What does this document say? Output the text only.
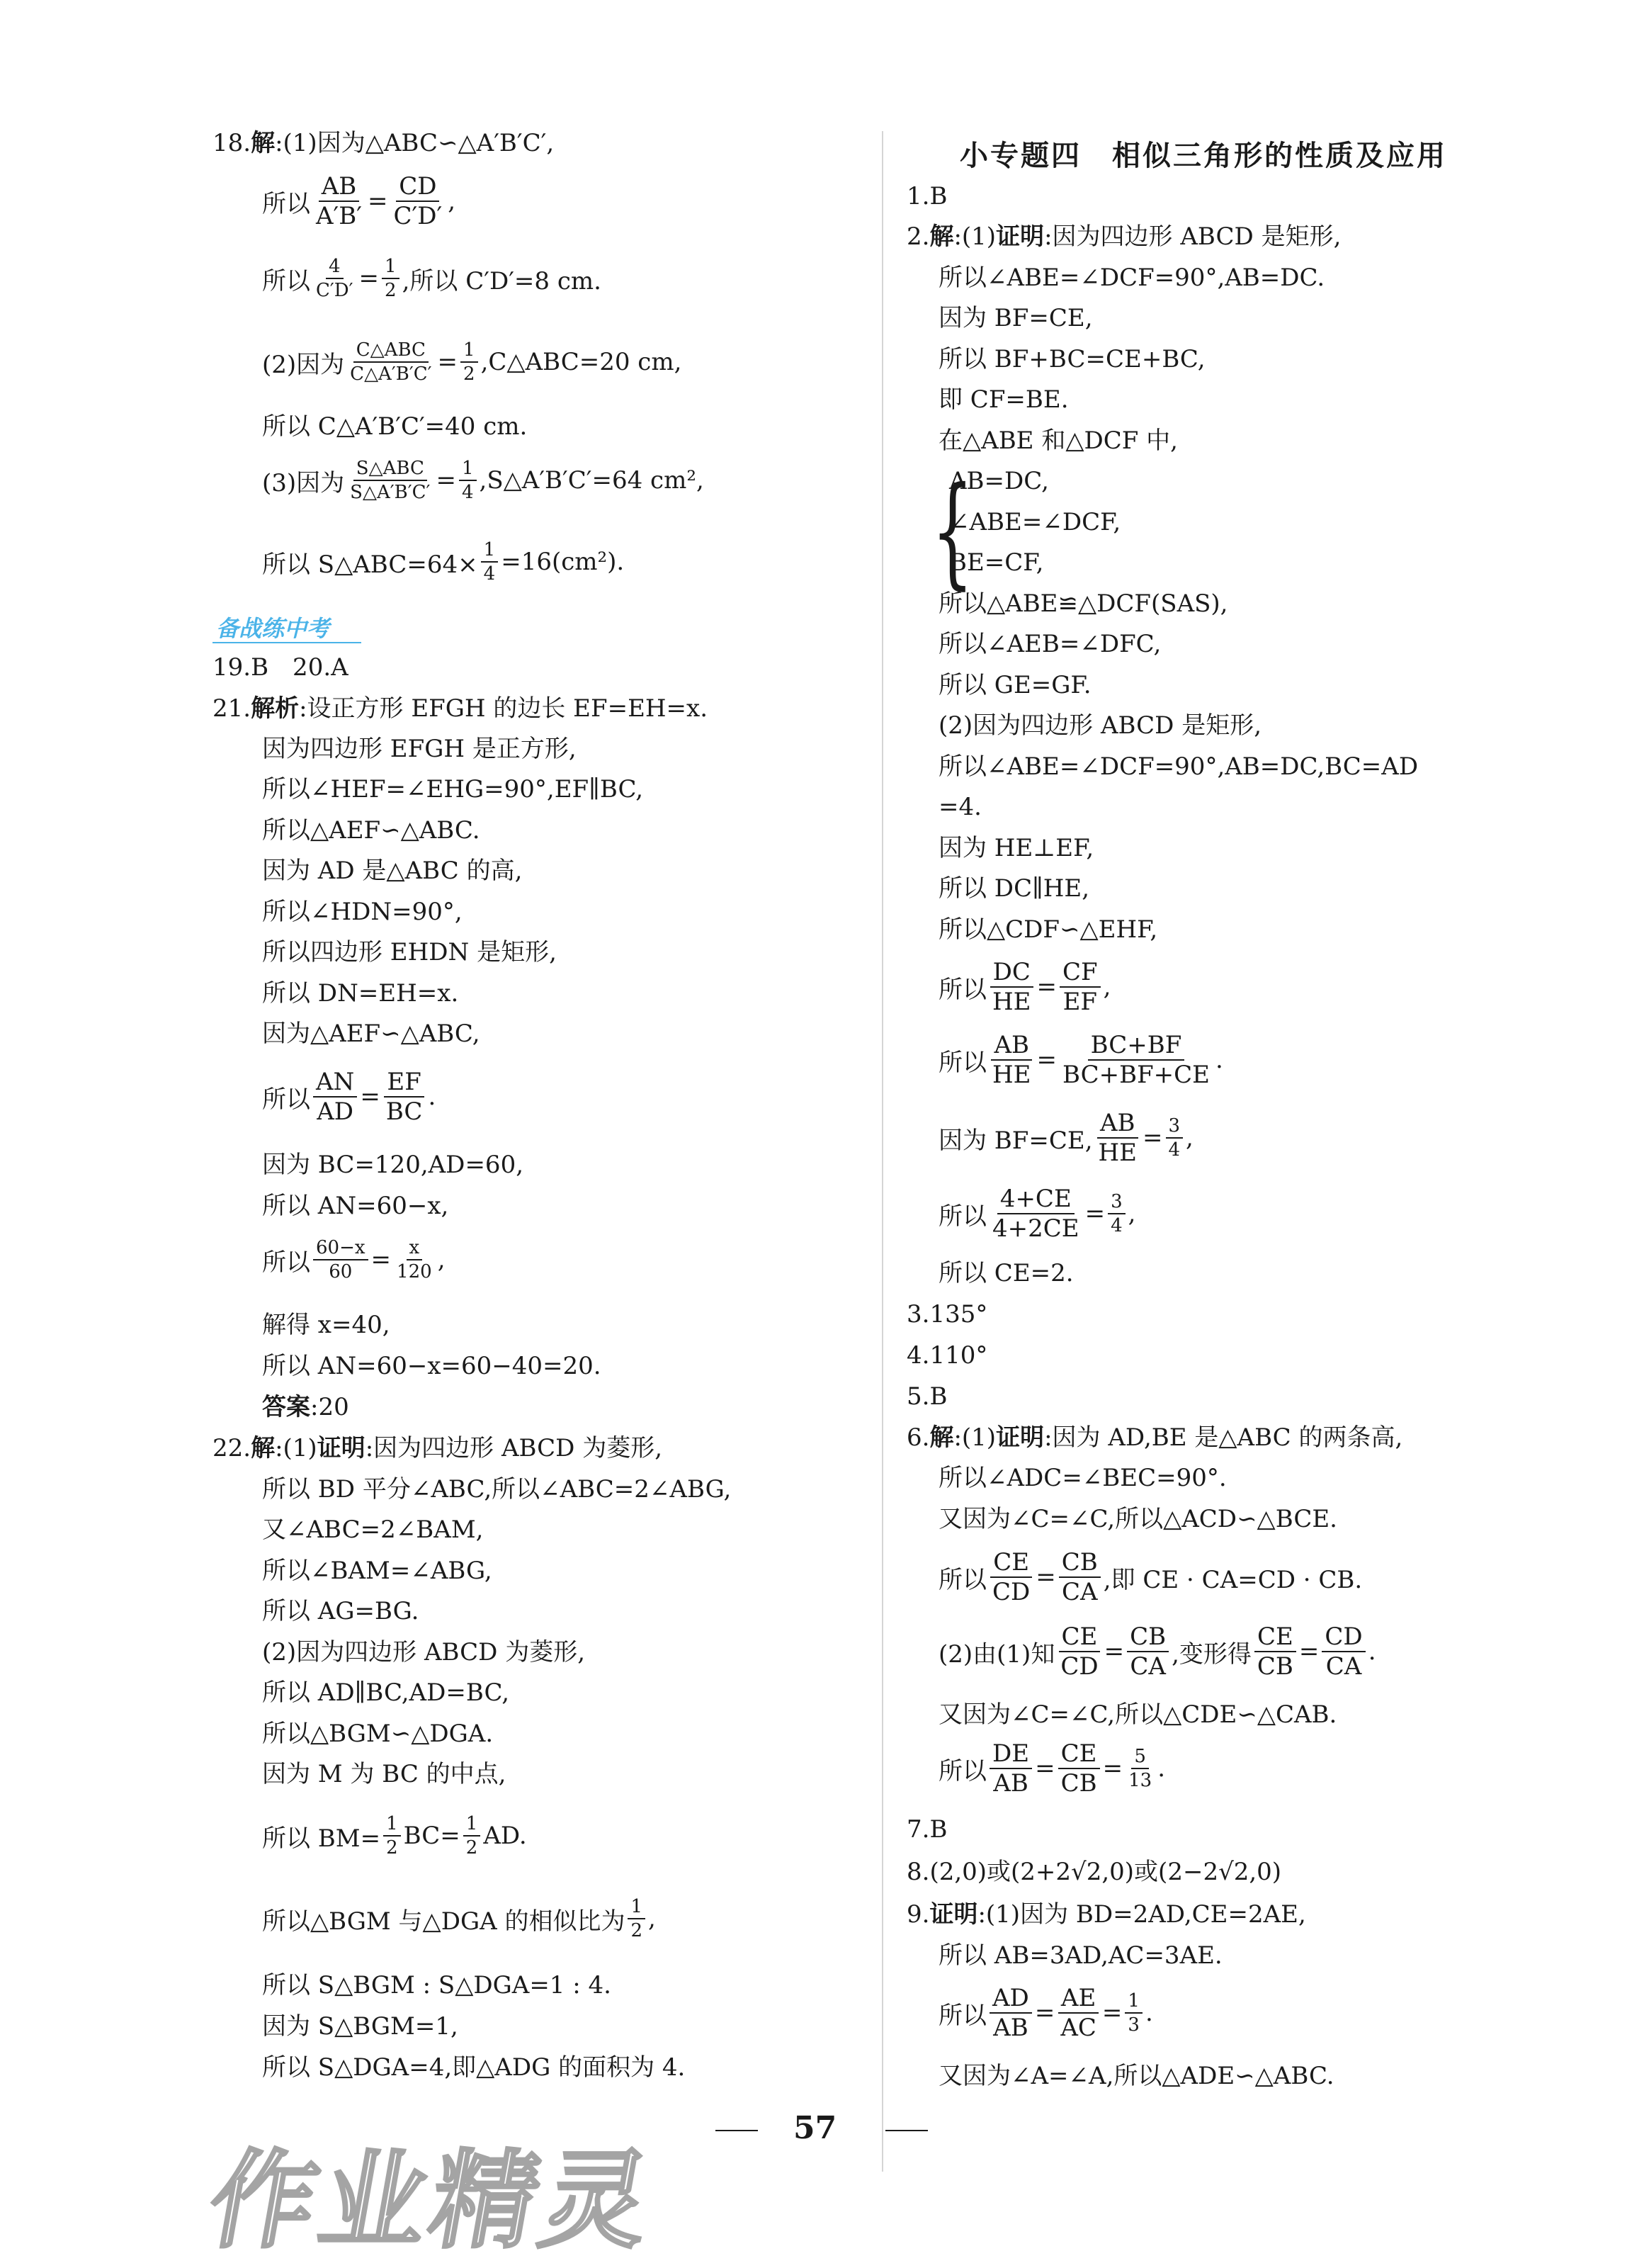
18.解:(1)因为△ABC∽△A′B′C′,
所以 $\frac{AB}{A'B'} = \frac{CD}{C'D'}$ ,
所以 $\frac{4}{C'D'} = \frac{1}{2}$ ,所以 C′D′=8 cm.
(2)因为 $\frac{\text{C△ABC}}{C\triangle A'B'C'} = \frac{1}{2}$ ,C△ABC=20 cm,
所以 C△A′B′C′=40 cm.
(3)因为 $\frac{\text{S△ABC}}{S\triangle A'B'C'} = \frac{1}{4}$ ,S△A′B′C′=64 cm²,
所以 S△ABC=64× $\frac{1}{4} =16(cm^2)$.
备战练中考
19.B　20.A
21.解析:设正方形 EFGH 的边长 EF=EH=x.
因为四边形 EFGH 是正方形,
所以∠HEF=∠EHG=90°,EF∥BC,
所以△AEF∽△ABC.
因为 AD 是△ABC 的高,
所以∠HDN=90°,
所以四边形 EHDN 是矩形,
所以 DN=EH=x.
因为△AEF∽△ABC,
所以 $\frac{AN}{AD} = \frac{EF}{BC}$ .
因为 BC=120,AD=60,
所以 AN=60−x,
所以 $\frac{60-x}{60} = \frac{x}{120}$ ,
解得 x=40,
所以 AN=60−x=60−40=20.
答案:20
22.解:(1)证明:因为四边形 ABCD 为菱形,
所以 BD 平分∠ABC,所以∠ABC=2∠ABG,
又∠ABC=2∠BAM,
所以∠BAM=∠ABG,
所以 AG=BG.
(2)因为四边形 ABCD 为菱形,
所以 AD∥BC,AD=BC,
所以△BGM∽△DGA.
因为 M 为 BC 的中点,
所以 $BM= \frac{1}{2} BC= \frac{1}{2}$ AD.
所以△BGM 与△DGA 的相似比为 $\frac{1}{2}$ ,
所以 S△BGM : S△DGA=1 : 4.
因为 S△BGM=1,
所以 S△DGA=4,即△ADG 的面积为 4.
小专题四　相似三角形的性质及应用
1.B
2.解:(1)证明:因为四边形 ABCD 是矩形,
所以∠ABE=∠DCF=90°,AB=DC.
因为 BF=CE,
所以 BF+BC=CE+BC,
即 CF=BE.
在△ABE 和△DCF 中,
{
AB=DC,
∠ABE=∠DCF,
BE=CF,
所以△ABE≌△DCF(SAS),
所以∠AEB=∠DFC,
所以 GE=GF.
(2)因为四边形 ABCD 是矩形,
所以∠ABE=∠DCF=90°,AB=DC,BC=AD
=4.
因为 HE⊥EF,
所以 DC∥HE,
所以△CDF∽△EHF,
所以 $\frac{DC}{HE} = \frac{CF}{EF}$ ,
所以 $\frac{AB}{HE} = \frac{BC+BF}{BC+BF+CE}$ .
因为 BF=CE, $\frac{AB}{HE} = \frac{3}{4}$ ,
所以 $\frac{4+CE}{4+2CE} = \frac{3}{4}$ ,
所以 CE=2.
3.135°
4.110°
5.B
6.解:(1)证明:因为 AD,BE 是△ABC 的两条高,
所以∠ADC=∠BEC=90°.
又因为∠C=∠C,所以△ACD∽△BCE.
所以 $\frac{CE}{CD} = \frac{CB}{CA}$ ,即 CE · CA=CD · CB.
(2)由(1)知 $\frac{CE}{CD} = \frac{CB}{CA}$ ,变形得 $\frac{CE}{CB} = \frac{CD}{CA}$ .
又因为∠C=∠C,所以△CDE∽△CAB.
所以 $\frac{DE}{AB} = \frac{CE}{CB} = \frac{5}{13}$ .
7.B
8.(2,0)或(2+2√2,0)或(2−2√2,0)
9.证明:(1)因为 BD=2AD,CE=2AE,
所以 AB=3AD,AC=3AE.
所以 $\frac{AD}{AB} = \frac{AE}{AC} = \frac{1}{3}$ .
又因为∠A=∠A,所以△ADE∽△ABC.
57
作业精灵
